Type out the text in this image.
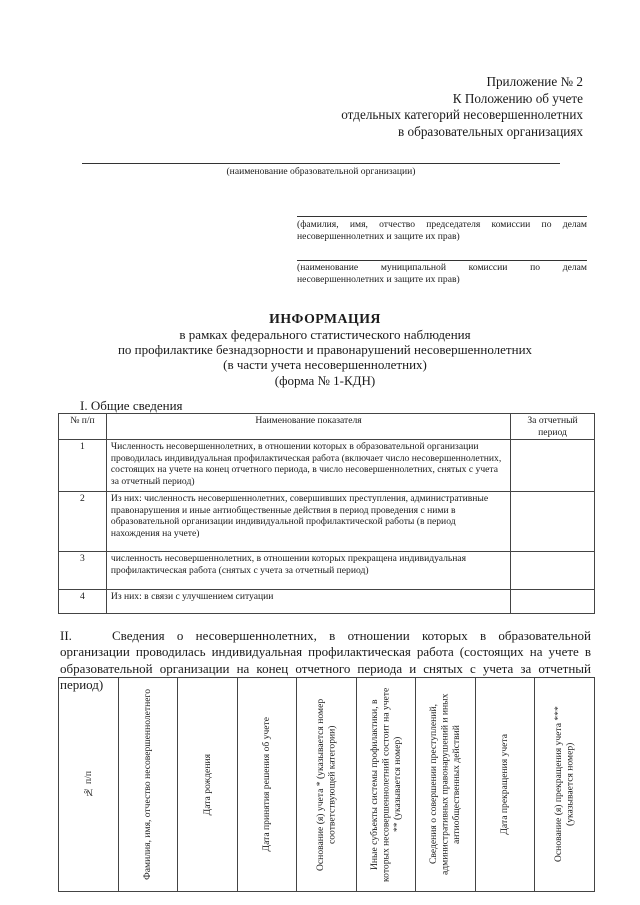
Приложение № 2
К Положению об учете
отдельных категорий несовершеннолетних
в образовательных организациях
(наименование образовательной организации)
(фамилия, имя, отчество председателя комиссии по делам несовершеннолетних и защите их прав)
(наименование муниципальной комиссии по делам несовершеннолетних и защите их прав)
ИНФОРМАЦИЯ
в рамках федерального статистического наблюдения
по профилактике безнадзорности и правонарушений несовершеннолетних
(в части учета несовершеннолетних)
(форма № 1-КДН)
I. Общие сведения
№ п/п	Наименование показателя	За отчетный период
1	Численность несовершеннолетних, в отношении которых в образовательной организации проводилась индивидуальная профилактическая работа (включает число несовершеннолетних, состоящих на учете на конец отчетного периода, в число несовершеннолетних, снятых с учета за отчетный период)	
2	Из них: численность несовершеннолетних, совершивших преступления, административные правонарушения и иные антиобщественные действия в период проведения с ними в образовательной организации индивидуальной профилактической работы (в период нахождения на учете)	
3	численность несовершеннолетних, в отношении которых прекращена индивидуальная профилактическая работа (снятых с учета за отчетный период)	
4	Из них: в связи с улучшением ситуации	
II.	Сведения о несовершеннолетних, в отношении которых в образовательной организации проводилась индивидуальная профилактическая работа (состоящих на учете в образовательной организации на конец отчетного периода и снятых с учета за отчетный период)
№ п/п	Фамилия, имя, отчество несовершеннолетнего	Дата рождения	Дата принятия решения об учете	Основание (я) учета * (указывается номер соответствующей категории)	Иные субъекты системы профилактики, в которых несовершеннолетний состоит на учете ** (указывается номер)	Сведения о совершении преступлений, административных правонарушений и иных антиобщественных действий	Дата прекращения учета	Основание (я) прекращения учета *** (указывается номер)
